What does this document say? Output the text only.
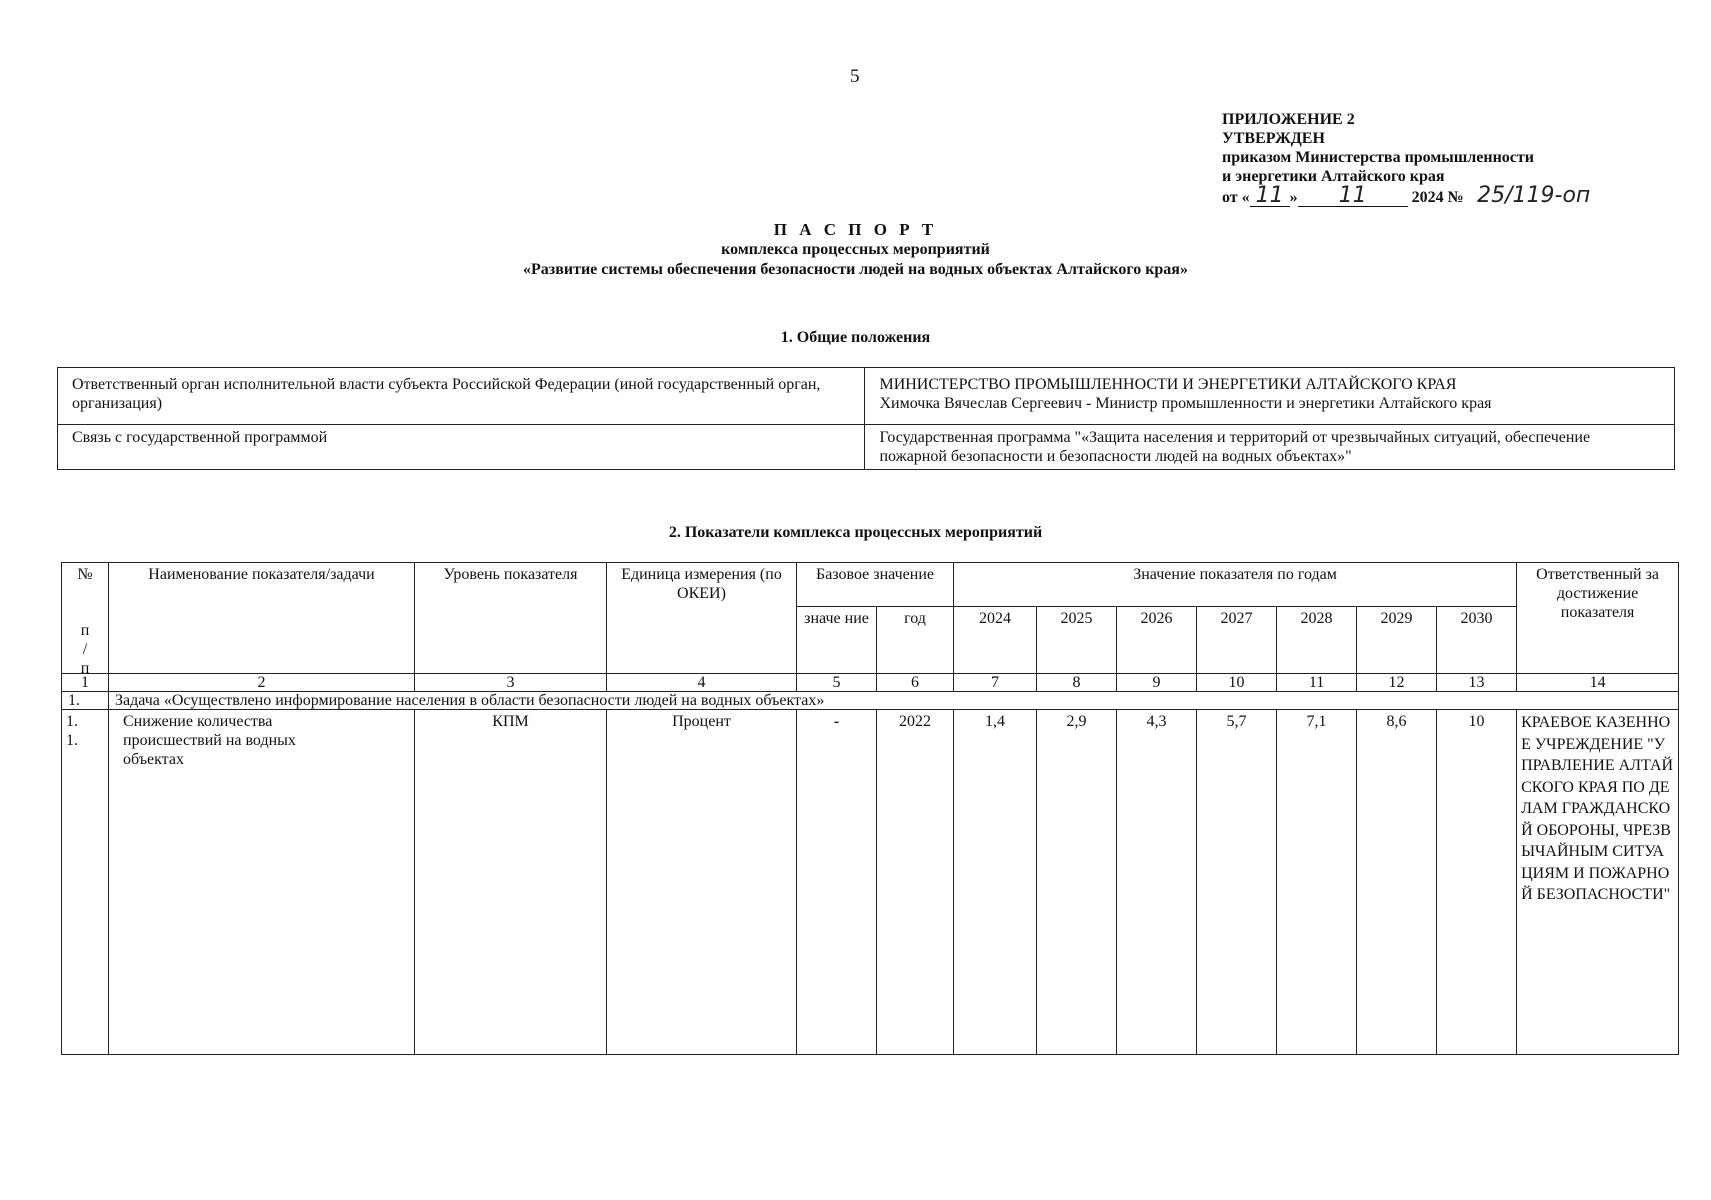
5
ПРИЛОЖЕНИЕ 2
УТВЕРЖДЕН
приказом Министерства промышленности
и энергетики Алтайского края
от « 11 » 11	2024 № 25/119-оп
П А С П О Р Т
комплекса процессных мероприятий
«Развитие системы обеспечения безопасности людей на водных объектах Алтайского края»
1. Общие положения
Ответственный орган исполнительной власти субъекта Российской Федерации (иной государственный орган, организация)	МИНИСТЕРСТВО ПРОМЫШЛЕННОСТИ И ЭНЕРГЕТИКИ АЛТАЙСКОГО КРАЯ
Химочка Вячеслав Сергеевич - Министр промышленности и энергетики Алтайского края

Связь с государственной программой	Государственная программа "«Защита населения и территорий от чрезвычайных ситуаций, обеспечение пожарной безопасности и безопасности людей на водных объектах»"
2. Показатели комплекса процессных мероприятий
№
п / п	Наименование показателя/задачи	Уровень показателя	Единица измерения (по ОКЕИ)	Базовое значение		Значение показателя по годам							Ответственный за достижение показателя
				значе ние	год	2024	2025	2026	2027	2028	2029	2030	
1	2	3	4	5	6	7	8	9	10	11	12	13	14
1.	Задача «Осуществлено информирование населения в области безопасности людей на водных объектах»												

1. 1.	Снижение количества происшествий на водных объектах	КПМ	Процент	-	2022	1,4	2,9	4,3	5,7	7,1	8,6	10	КРАЕВОЕ КАЗЕННОЕ УЧРЕЖДЕНИЕ "УПРАВЛЕНИЕ АЛТАЙСКОГО КРАЯ ПО ДЕЛАМ ГРАЖДАНСКОЙ ОБОРОНЫ, ЧРЕЗВЫЧАЙНЫМ СИТУАЦИЯМ И ПОЖАРНОЙ БЕЗОПАСНОСТИ"
